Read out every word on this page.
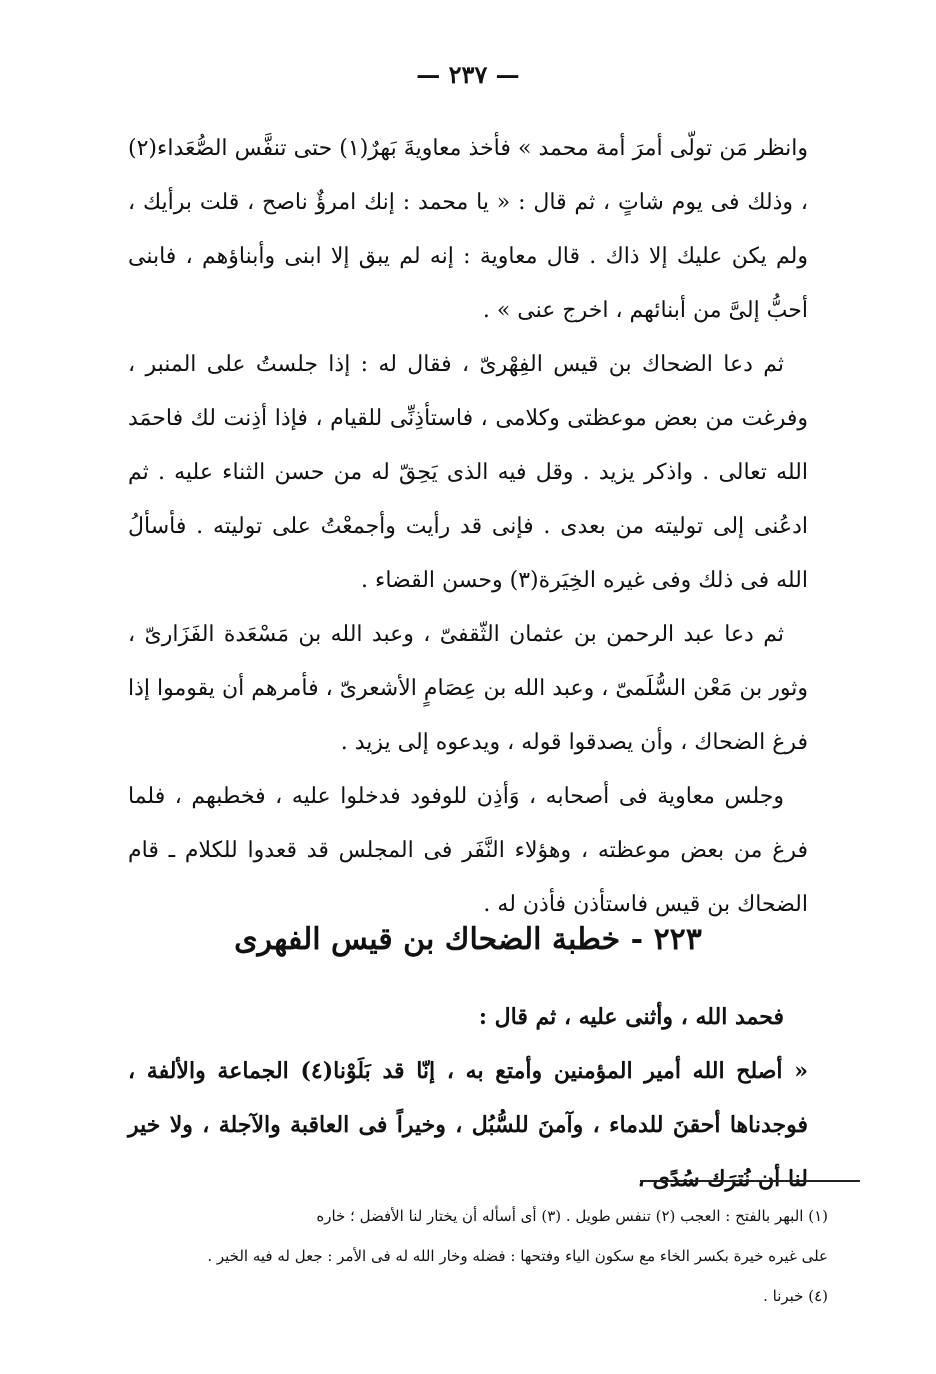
— ٢٣٧ —

وانظر مَن تولّى أمرَ أمة محمد » فأخذ معاويةَ بَهرٌ(١) حتى تنفَّس الصُّعَداء(٢) ، وذلك فى يوم شاتٍ ، ثم قال : « يا محمد : إنك امرؤٌ ناصح ، قلت برأيك ، ولم يكن عليك إلا ذاك . قال معاوية : إنه لم يبق إلا ابنى وأبناؤهم ، فابنى أحبُّ إلىَّ من أبنائهم ، اخرج عنى » .

ثم دعا الضحاك بن قيس الفِهْرىّ ، فقال له : إذا جلستُ على المنبر ، وفرغت من بعض موعظتى وكلامى ، فاستأذِنِّى للقيام ، فإذا أذِنت لك فاحمَد الله تعالى . واذكر يزيد . وقل فيه الذى يَحِقّ له من حسن الثناء عليه . ثم ادعُنى إلى توليته من بعدى . فإنى قد رأيت وأجمعْتُ على توليته . فأسألُ الله فى ذلك وفى غيره الخِيَرة(٣) وحسن القضاء .

ثم دعا عبد الرحمن بن عثمان الثّقفىّ ، وعبد الله بن مَسْعَدة الفَزَارىّ ، وثور بن مَعْن السُّلَمىّ ، وعبد الله بن عِصَامٍ الأشعرىّ ، فأمرهم أن يقوموا إذا فرغ الضحاك ، وأن يصدقوا قوله ، ويدعوه إلى يزيد .

وجلس معاوية فى أصحابه ، وَأذِن للوفود فدخلوا عليه ، فخطبهم ، فلما فرغ من بعض موعظته ، وهؤلاء النَّفَر فى المجلس قد قعدوا للكلام ـ قام الضحاك بن قيس فاستأذن فأذن له .

٢٢٣ - خطبة الضحاك بن قيس الفهرى

فحمد الله ، وأثنى عليه ، ثم قال :

« أصلح الله أمير المؤمنين وأمتع به ، إنّا قد بَلَوْنا(٤) الجماعة والألفة ، فوجدناها أحقنَ للدماء ، وآمنَ للسُّبُل ، وخيراً فى العاقبة والآجلة ، ولا خير لنا أن نُترَك سُدًى ،

(١) البهر بالفتح : العجب (٢) تنفس طويل . (٣) أى أسأله أن يختار لنا الأفضل ؛ خاره

على غيره خيرة بكسر الخاء مع سكون الياء وفتحها : فضله وخار الله له فى الأمر : جعل له فيه الخير .

(٤) خبرنا .
